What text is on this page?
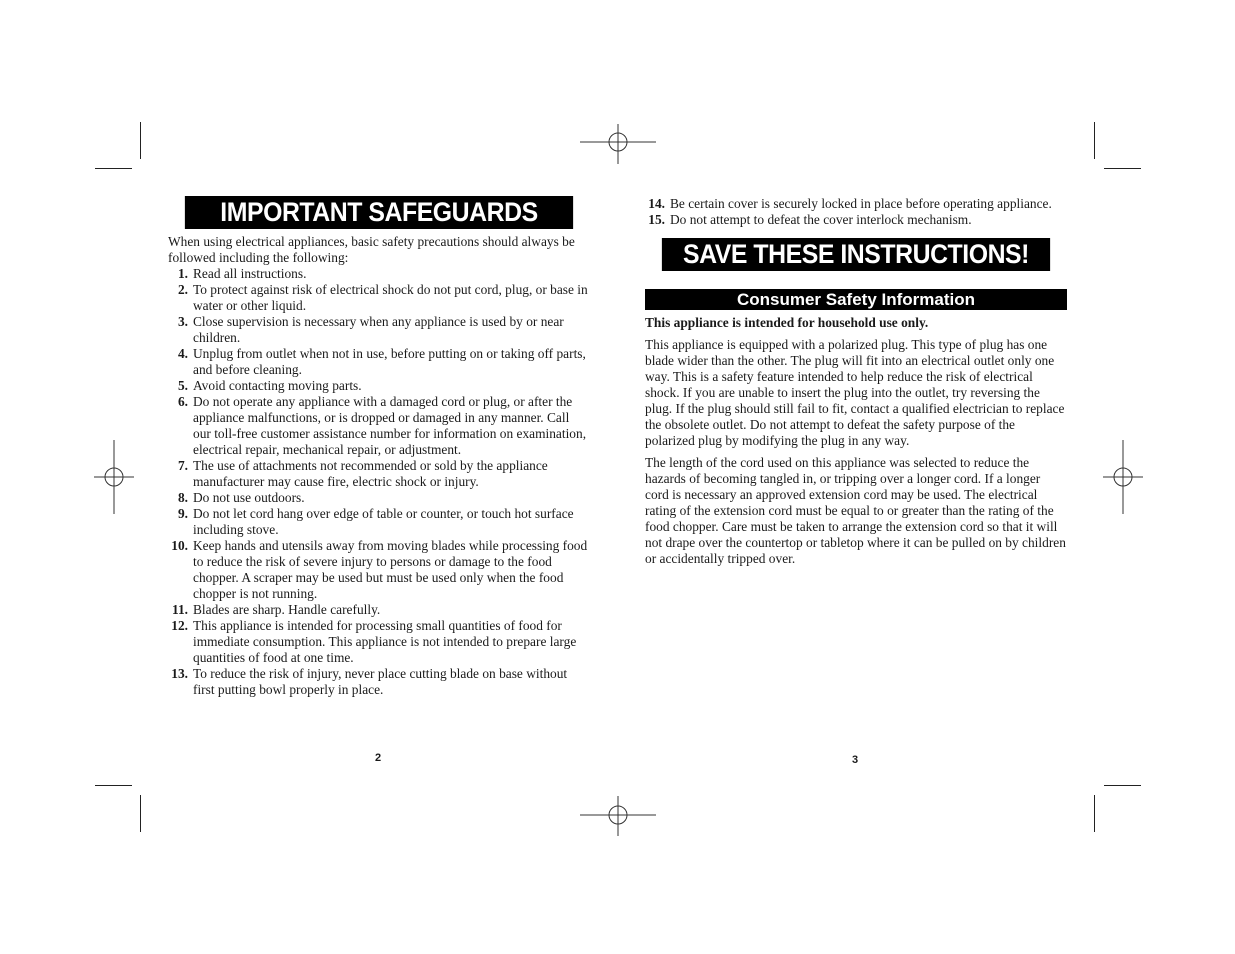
IMPORTANT SAFEGUARDS

When using electrical appliances, basic safety precautions should always be followed including the following:

1. Read all instructions.
2. To protect against risk of electrical shock do not put cord, plug, or base in water or other liquid.
3. Close supervision is necessary when any appliance is used by or near children.
4. Unplug from outlet when not in use, before putting on or taking off parts, and before cleaning.
5. Avoid contacting moving parts.
6. Do not operate any appliance with a damaged cord or plug, or after the appliance malfunctions, or is dropped or damaged in any manner. Call our toll-free customer assistance number for information on examination, electrical repair, mechanical repair, or adjustment.
7. The use of attachments not recommended or sold by the appliance manufacturer may cause fire, electric shock or injury.
8. Do not use outdoors.
9. Do not let cord hang over edge of table or counter, or touch hot surface including stove.
10. Keep hands and utensils away from moving blades while processing food to reduce the risk of severe injury to persons or damage to the food chopper. A scraper may be used but must be used only when the food chopper is not running.
11. Blades are sharp. Handle carefully.
12. This appliance is intended for processing small quantities of food for immediate consumption. This appliance is not intended to prepare large quantities of food at one time.
13. To reduce the risk of injury, never place cutting blade on base without first putting bowl properly in place.
2
14. Be certain cover is securely locked in place before operating appliance.
15. Do not attempt to defeat the cover interlock mechanism.
SAVE THESE INSTRUCTIONS!
Consumer Safety Information

This appliance is intended for household use only.

This appliance is equipped with a polarized plug. This type of plug has one blade wider than the other. The plug will fit into an electrical outlet only one way. This is a safety feature intended to help reduce the risk of electrical shock. If you are unable to insert the plug into the outlet, try reversing the plug. If the plug should still fail to fit, contact a qualified electrician to replace the obsolete outlet. Do not attempt to defeat the safety purpose of the polarized plug by modifying the plug in any way.

The length of the cord used on this appliance was selected to reduce the hazards of becoming tangled in, or tripping over a longer cord. If a longer cord is necessary an approved extension cord may be used. The electrical rating of the extension cord must be equal to or greater than the rating of the food chopper. Care must be taken to arrange the extension cord so that it will not drape over the countertop or tabletop where it can be pulled on by children or accidentally tripped over.

3
